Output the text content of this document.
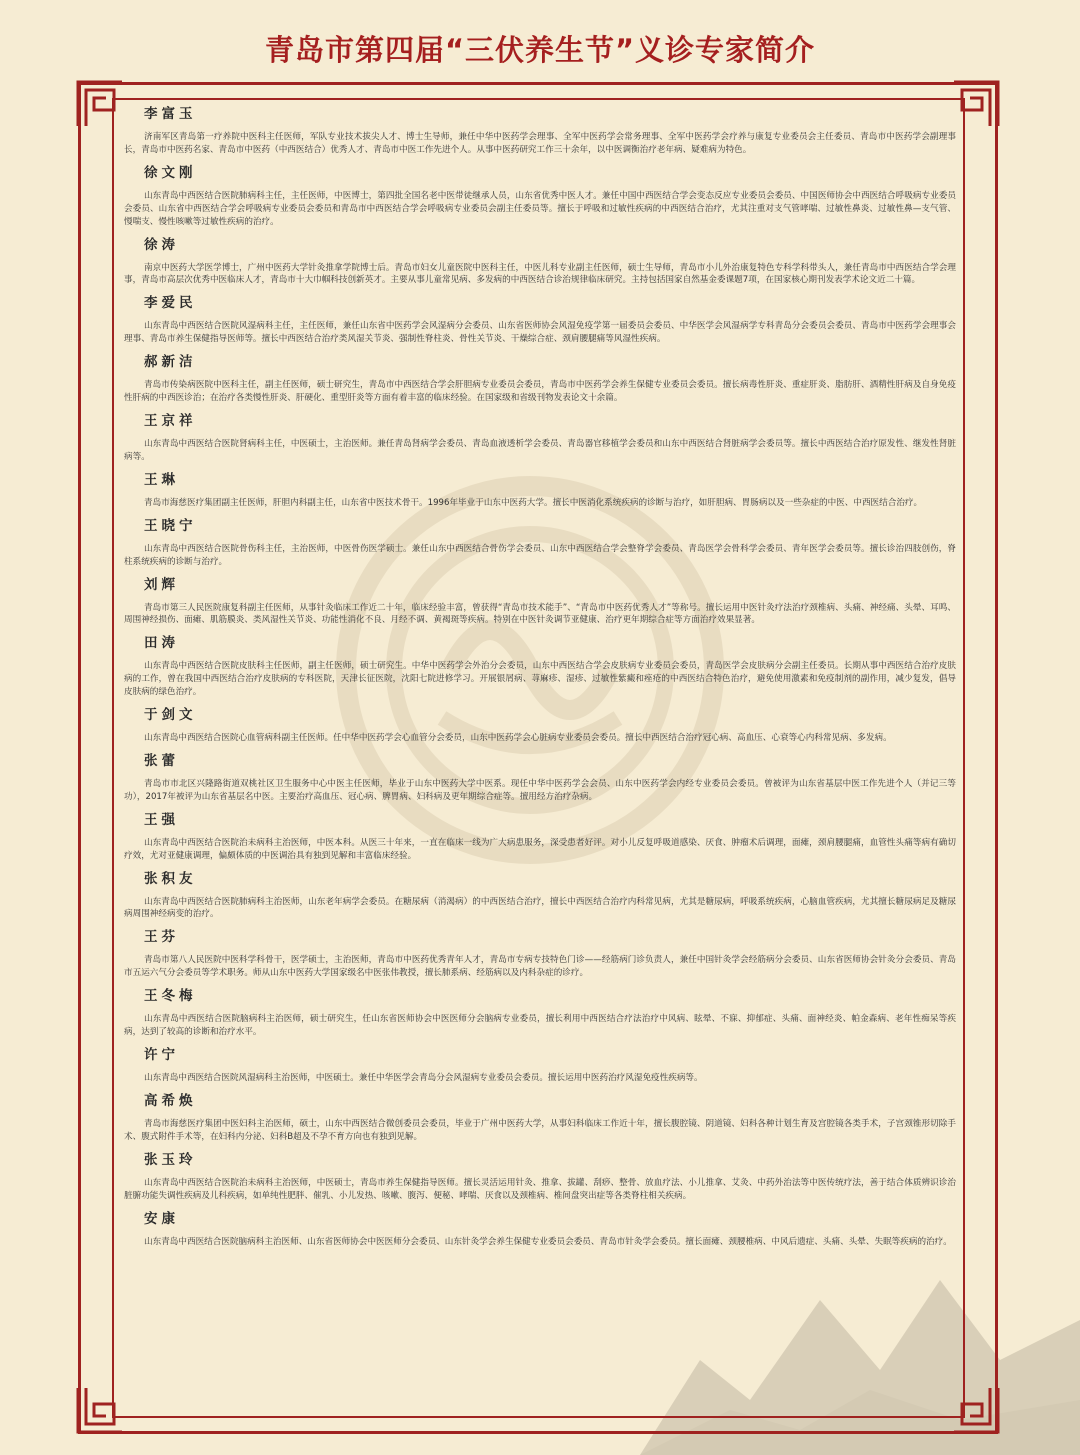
青岛市第四届“三伏养生节”义诊专家简介
李富玉
济南军区青岛第一疗养院中医科主任医师，军队专业技术拔尖人才、博士生导师，兼任中华中医药学会理事、全军中医药学会常务理事、全军中医药学会疗养与康复专业委员会主任委员、青岛市中医药学会副理事长，青岛市中医药名家、青岛市中医药（中西医结合）优秀人才、青岛市中医工作先进个人。从事中医药研究工作三十余年，以中医调衡治疗老年病、疑难病为特色。
徐文刚
山东青岛中西医结合医院肺病科主任，主任医师，中医博士，第四批全国名老中医带徒继承人员，山东省优秀中医人才。兼任中国中西医结合学会变态反应专业委员会委员、中国医师协会中西医结合呼吸病专业委员会委员、山东省中西医结合学会呼吸病专业委员会委员和青岛市中西医结合学会呼吸病专业委员会副主任委员等。擅长于呼吸和过敏性疾病的中西医结合治疗，尤其注重对支气管哮喘、过敏性鼻炎、过敏性鼻—支气管、慢喘支、慢性咳嗽等过敏性疾病的治疗。
徐涛
南京中医药大学医学博士，广州中医药大学针灸推拿学院博士后。青岛市妇女儿童医院中医科主任，中医儿科专业副主任医师，硕士生导师，青岛市小儿外治康复特色专科学科带头人，兼任青岛市中西医结合学会理事，青岛市高层次优秀中医临床人才，青岛市十大巾帼科技创新英才。主要从事儿童常见病、多发病的中西医结合诊治规律临床研究。主持包括国家自然基金委课题7项，在国家核心期刊发表学术论文近二十篇。
李爱民
山东青岛中西医结合医院风湿病科主任，主任医师，兼任山东省中医药学会风湿病分会委员、山东省医师协会风湿免疫学第一届委员会委员、中华医学会风湿病学专科青岛分会委员会委员、青岛市中医药学会理事会理事、青岛市养生保健指导医师等。擅长中西医结合治疗类风湿关节炎、强制性脊柱炎、骨性关节炎、干燥综合症、颈肩腰腿痛等风湿性疾病。
郝新洁
青岛市传染病医院中医科主任，副主任医师，硕士研究生，青岛市中西医结合学会肝胆病专业委员会委员，青岛市中医药学会养生保健专业委员会委员。擅长病毒性肝炎、重症肝炎、脂肪肝、酒精性肝病及自身免疫性肝病的中西医诊治；在治疗各类慢性肝炎、肝硬化、重型肝炎等方面有着丰富的临床经验。在国家级和省级刊物发表论文十余篇。
王京祥
山东青岛中西医结合医院肾病科主任，中医硕士，主治医师。兼任青岛肾病学会委员、青岛血液透析学会委员、青岛器官移植学会委员和山东中西医结合肾脏病学会委员等。擅长中西医结合治疗原发性、继发性肾脏病等。
王琳
青岛市海慈医疗集团副主任医师，肝胆内科副主任，山东省中医技术骨干。1996年毕业于山东中医药大学。擅长中医消化系统疾病的诊断与治疗，如肝胆病、胃肠病以及一些杂症的中医、中西医结合治疗。
王晓宁
山东青岛中西医结合医院骨伤科主任，主治医师，中医骨伤医学硕士。兼任山东中西医结合骨伤学会委员、山东中西医结合学会整脊学会委员、青岛医学会骨科学会委员、青年医学会委员等。擅长诊治四肢创伤，脊柱系统疾病的诊断与治疗。
刘辉
青岛市第三人民医院康复科副主任医师，从事针灸临床工作近二十年，临床经验丰富，曾获得“青岛市技术能手”、“青岛市中医药优秀人才”等称号。擅长运用中医针灸疗法治疗颈椎病、头痛、神经痛、头晕、耳鸣、周围神经损伤、面瘫、肌筋膜炎、类风湿性关节炎、功能性消化不良、月经不调、黄褐斑等疾病。特别在中医针灸调节亚健康、治疗更年期综合症等方面治疗效果显著。
田涛
山东青岛中西医结合医院皮肤科主任医师，副主任医师，硕士研究生。中华中医药学会外治分会委员，山东中西医结合学会皮肤病专业委员会委员，青岛医学会皮肤病分会副主任委员。长期从事中西医结合治疗皮肤病的工作，曾在我国中西医结合治疗皮肤病的专科医院，天津长征医院，沈阳七院进修学习。开展银屑病、荨麻疹、湿疹、过敏性紫癜和痤疮的中西医结合特色治疗，避免使用激素和免疫制剂的副作用，减少复发，倡导皮肤病的绿色治疗。
于剑文
山东青岛中西医结合医院心血管病科副主任医师。任中华中医药学会心血管分会委员，山东中医药学会心脏病专业委员会委员。擅长中西医结合治疗冠心病、高血压、心衰等心内科常见病、多发病。
张蕾
青岛市市北区兴隆路街道双桃社区卫生服务中心中医主任医师，毕业于山东中医药大学中医系。现任中华中医药学会会员、山东中医药学会内经专业委员会委员。曾被评为山东省基层中医工作先进个人（并记三等功），2017年被评为山东省基层名中医。主要治疗高血压、冠心病、脾胃病、妇科病及更年期综合症等。擅用经方治疗杂病。
王强
山东青岛中西医结合医院治未病科主治医师，中医本科。从医三十年来，一直在临床一线为广大病患服务，深受患者好评。对小儿反复呼吸道感染、厌食、肿瘤术后调理，面瘫，颈肩腰腿痛，血管性头痛等病有确切疗效，尤对亚健康调理，偏颇体质的中医调治具有独到见解和丰富临床经验。
张积友
山东青岛中西医结合医院肺病科主治医师，山东老年病学会委员。在糖尿病（消渴病）的中西医结合治疗，擅长中西医结合治疗内科常见病，尤其是糖尿病，呼吸系统疾病，心脑血管疾病，尤其擅长糖尿病足及糖尿病周围神经病变的治疗。
王芬
青岛市第八人民医院中医科学科骨干，医学硕士，主治医师，青岛市中医药优秀青年人才，青岛市专病专技特色门诊——经筋病门诊负责人，兼任中国针灸学会经筋病分会委员、山东省医师协会针灸分会委员、青岛市五运六气分会委员等学术职务。师从山东中医药大学国家级名中医张伟教授，擅长肺系病、经筋病以及内科杂症的诊疗。
王冬梅
山东青岛中西医结合医院脑病科主治医师，硕士研究生，任山东省医师协会中医医师分会脑病专业委员，擅长利用中西医结合疗法治疗中风病、眩晕、不寐、抑郁症、头痛、面神经炎、帕金森病、老年性痴呆等疾病，达到了较高的诊断和治疗水平。
许宁
山东青岛中西医结合医院风湿病科主治医师，中医硕士。兼任中华医学会青岛分会风湿病专业委员会委员。擅长运用中医药治疗风湿免疫性疾病等。
高希焕
青岛市海慈医疗集团中医妇科主治医师，硕士，山东中西医结合微创委员会委员，毕业于广州中医药大学，从事妇科临床工作近十年，擅长腹腔镜、阴道镜、妇科各种计划生育及宫腔镜各类手术，子宫颈锥形切除手术、腹式附件手术等，在妇科内分泌、妇科B超及不孕不育方向也有独到见解。
张玉玲
山东青岛中西医结合医院治未病科主治医师，中医硕士，青岛市养生保健指导医师。擅长灵活运用针灸、推拿、拔罐、刮痧、整骨、放血疗法、小儿推拿、艾灸、中药外治法等中医传统疗法，善于结合体质辨识诊治脏腑功能失调性疾病及儿科疾病，如单纯性肥胖、催乳、小儿发热、咳嗽、腹泻、便秘、哮喘、厌食以及颈椎病、椎间盘突出症等各类脊柱相关疾病。
安康
山东青岛中西医结合医院脑病科主治医师、山东省医师协会中医医师分会委员、山东针灸学会养生保健专业委员会委员、青岛市针灸学会委员。擅长面瘫、颈腰椎病、中风后遗症、头痛、头晕、失眠等疾病的治疗。
